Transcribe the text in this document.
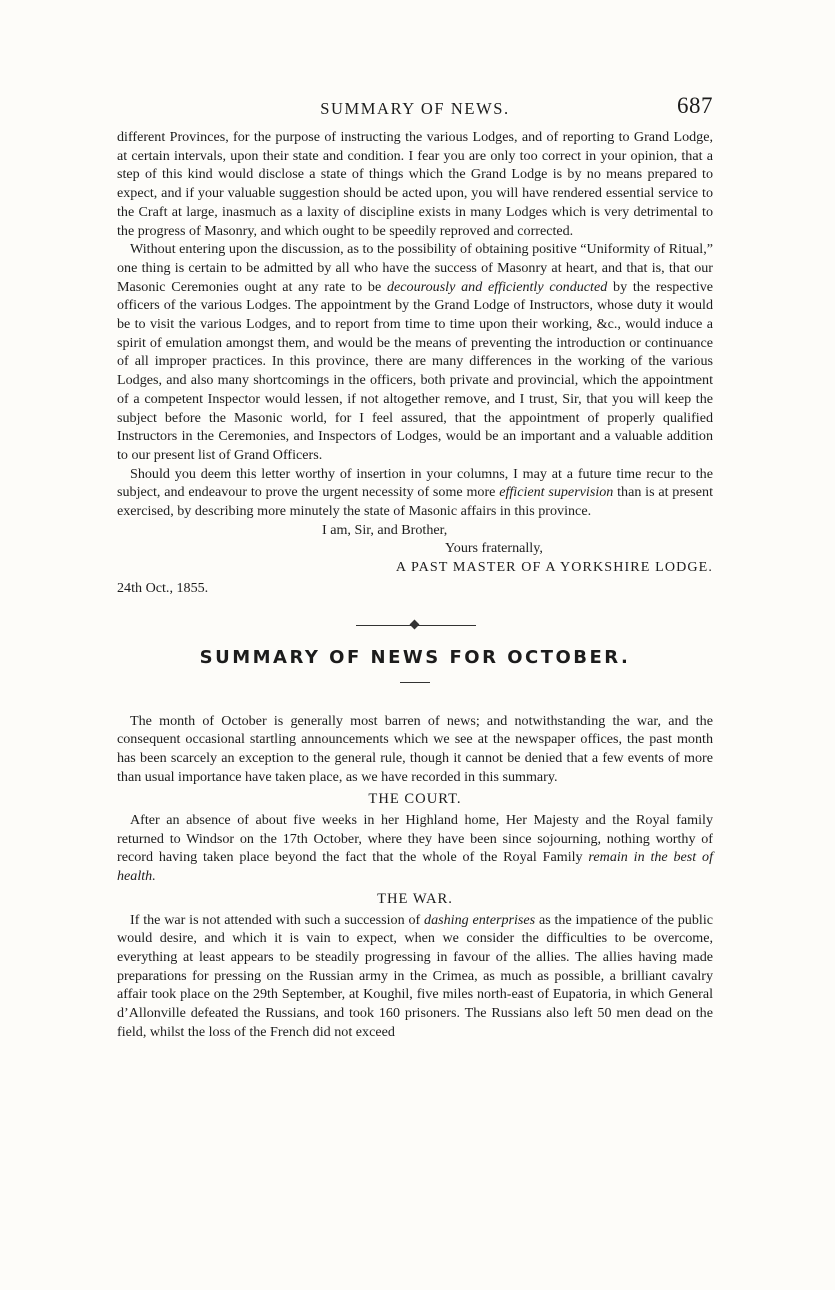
SUMMARY OF NEWS.	687

different Provinces, for the purpose of instructing the various Lodges, and of reporting to Grand Lodge, at certain intervals, upon their state and condition. I fear you are only too correct in your opinion, that a step of this kind would disclose a state of things which the Grand Lodge is by no means prepared to expect, and if your valuable suggestion should be acted upon, you will have rendered essential service to the Craft at large, inasmuch as a laxity of discipline exists in many Lodges which is very detrimental to the progress of Masonry, and which ought to be speedily reproved and corrected.

Without entering upon the discussion, as to the possibility of obtaining positive “Uniformity of Ritual,” one thing is certain to be admitted by all who have the success of Masonry at heart, and that is, that our Masonic Ceremonies ought at any rate to be decourously and efficiently conducted by the respective officers of the various Lodges. The appointment by the Grand Lodge of Instructors, whose duty it would be to visit the various Lodges, and to report from time to time upon their working, &c., would induce a spirit of emulation amongst them, and would be the means of preventing the introduction or continuance of all improper practices. In this province, there are many differences in the working of the various Lodges, and also many shortcomings in the officers, both private and provincial, which the appointment of a competent Inspector would lessen, if not altogether remove, and I trust, Sir, that you will keep the subject before the Masonic world, for I feel assured, that the appointment of properly qualified Instructors in the Ceremonies, and Inspectors of Lodges, would be an important and a valuable addition to our present list of Grand Officers.

Should you deem this letter worthy of insertion in your columns, I may at a future time recur to the subject, and endeavour to prove the urgent necessity of some more efficient supervision than is at present exercised, by describing more minutely the state of Masonic affairs in this province.

I am, Sir, and Brother,
Yours fraternally,
A PAST MASTER OF A YORKSHIRE LODGE.
24th Oct., 1855.
SUMMARY OF NEWS FOR OCTOBER.

The month of October is generally most barren of news; and notwithstanding the war, and the consequent occasional startling announcements which we see at the newspaper offices, the past month has been scarcely an exception to the general rule, though it cannot be denied that a few events of more than usual importance have taken place, as we have recorded in this summary.

THE COURT.

After an absence of about five weeks in her Highland home, Her Majesty and the Royal family returned to Windsor on the 17th October, where they have been since sojourning, nothing worthy of record having taken place beyond the fact that the whole of the Royal Family remain in the best of health.

THE WAR.

If the war is not attended with such a succession of dashing enterprises as the impatience of the public would desire, and which it is vain to expect, when we consider the difficulties to be overcome, everything at least appears to be steadily progressing in favour of the allies. The allies having made preparations for pressing on the Russian army in the Crimea, as much as possible, a brilliant cavalry affair took place on the 29th September, at Koughil, five miles north-east of Eupatoria, in which General d’Allonville defeated the Russians, and took 160 prisoners. The Russians also left 50 men dead on the field, whilst the loss of the French did not exceed
